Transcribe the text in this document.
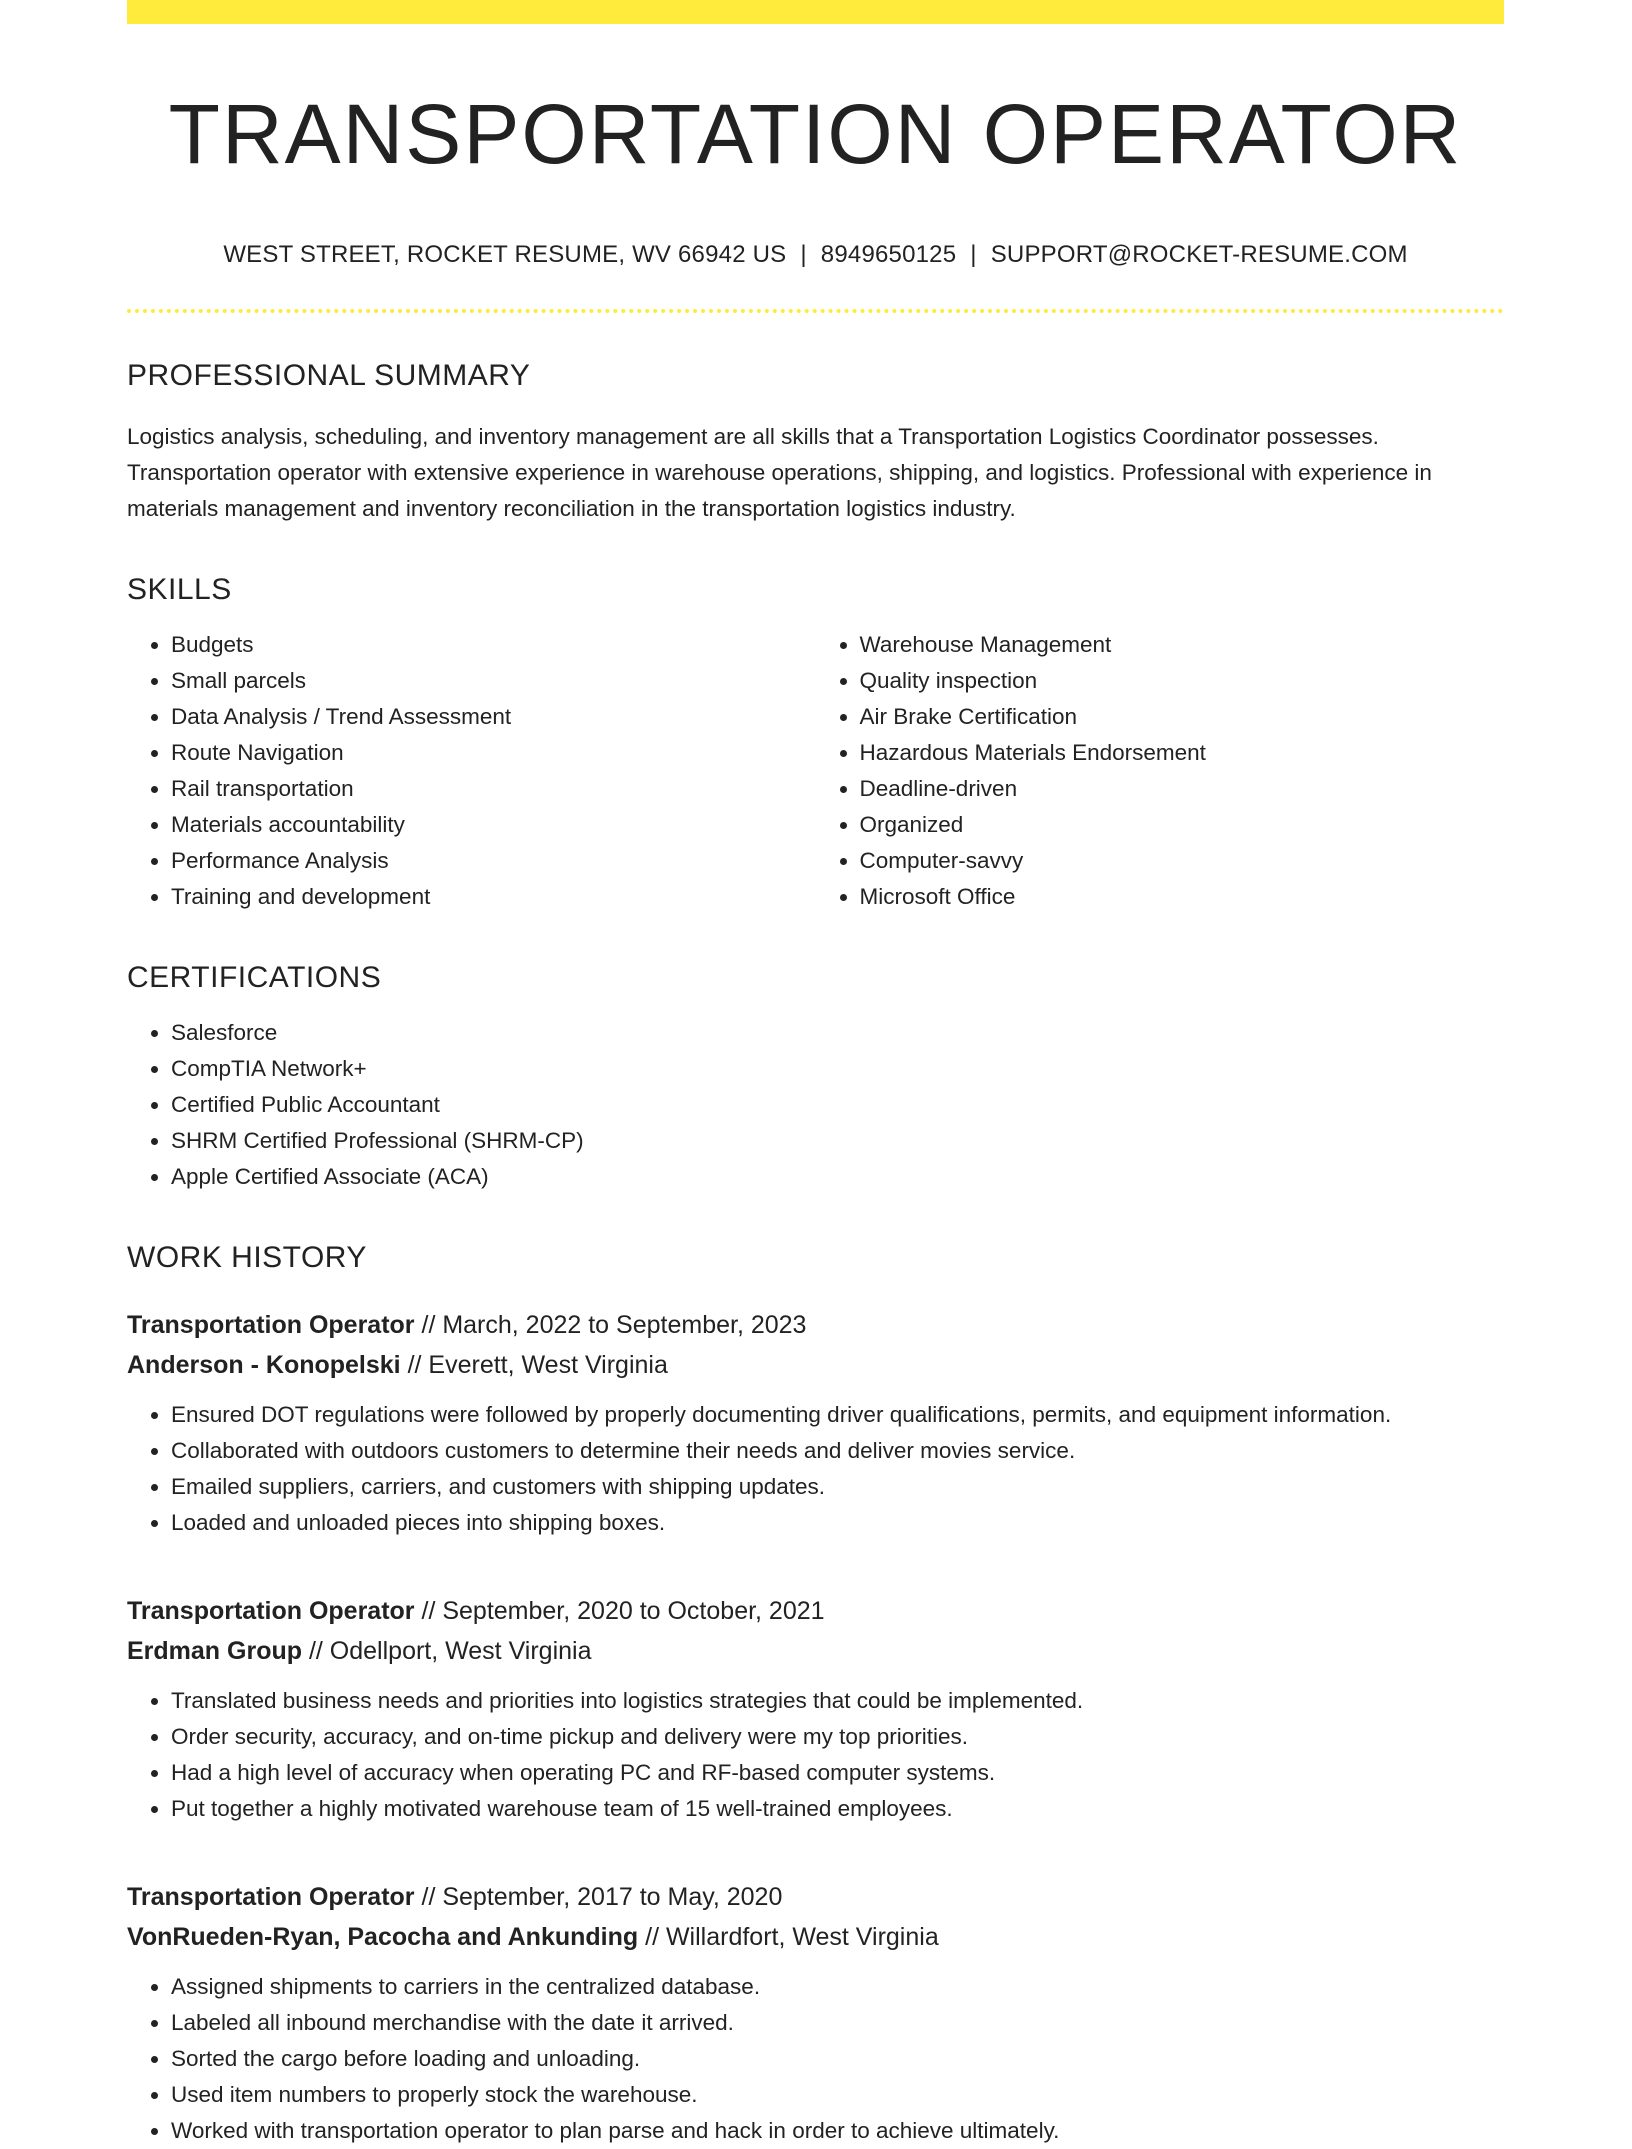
TRANSPORTATION OPERATOR
WEST STREET, ROCKET RESUME, WV 66942 US | 8949650125 | SUPPORT@ROCKET-RESUME.COM
PROFESSIONAL SUMMARY

Logistics analysis, scheduling, and inventory management are all skills that a Transportation Logistics Coordinator possesses. Transportation operator with extensive experience in warehouse operations, shipping, and logistics. Professional with experience in materials management and inventory reconciliation in the transportation logistics industry.

SKILLS
• Budgets
• Small parcels
• Data Analysis / Trend Assessment
• Route Navigation
• Rail transportation
• Materials accountability
• Performance Analysis
• Training and development
• Warehouse Management
• Quality inspection
• Air Brake Certification
• Hazardous Materials Endorsement
• Deadline-driven
• Organized
• Computer-savvy
• Microsoft Office
CERTIFICATIONS
• Salesforce
• CompTIA Network+
• Certified Public Accountant
• SHRM Certified Professional (SHRM-CP)
• Apple Certified Associate (ACA)
WORK HISTORY
Transportation Operator // March, 2022 to September, 2023
Anderson - Konopelski // Everett, West Virginia
• Ensured DOT regulations were followed by properly documenting driver qualifications, permits, and equipment information.
• Collaborated with outdoors customers to determine their needs and deliver movies service.
• Emailed suppliers, carriers, and customers with shipping updates.
• Loaded and unloaded pieces into shipping boxes.
Transportation Operator // September, 2020 to October, 2021
Erdman Group // Odellport, West Virginia
• Translated business needs and priorities into logistics strategies that could be implemented.
• Order security, accuracy, and on-time pickup and delivery were my top priorities.
• Had a high level of accuracy when operating PC and RF-based computer systems.
• Put together a highly motivated warehouse team of 15 well-trained employees.
Transportation Operator // September, 2017 to May, 2020
VonRueden-Ryan, Pacocha and Ankunding // Willardfort, West Virginia
• Assigned shipments to carriers in the centralized database.
• Labeled all inbound merchandise with the date it arrived.
• Sorted the cargo before loading and unloading.
• Used item numbers to properly stock the warehouse.
• Worked with transportation operator to plan parse and hack in order to achieve ultimately.
